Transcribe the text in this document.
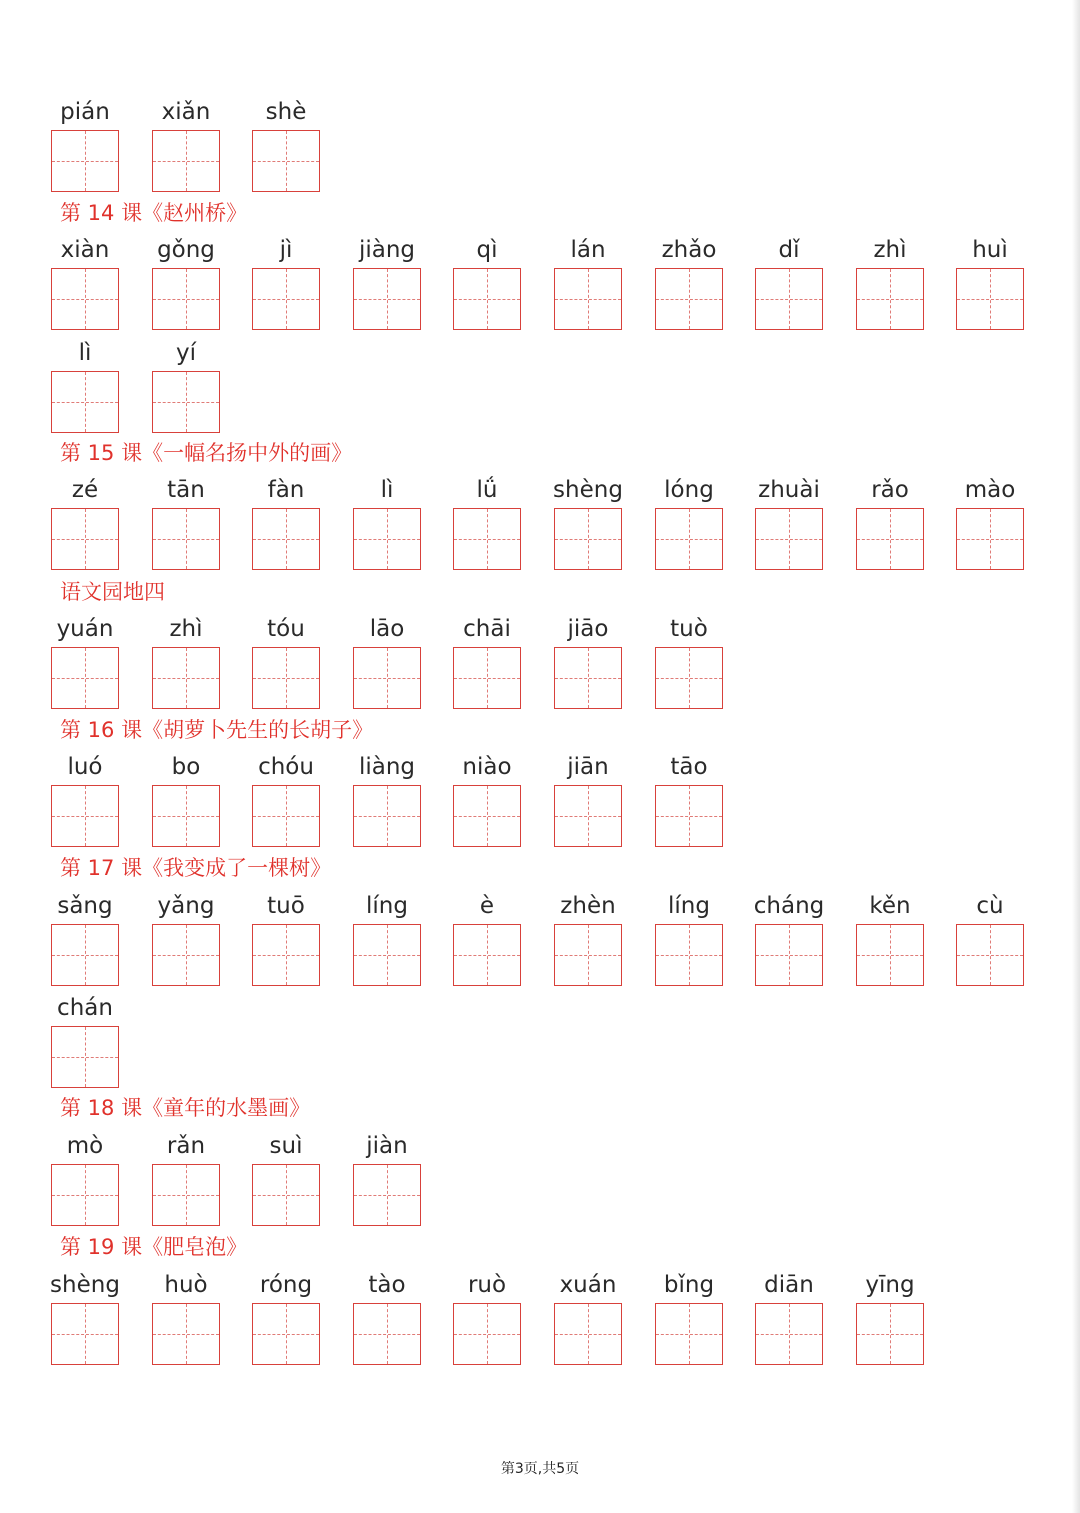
pián	xiǎn	shè
第 14 课《赵州桥》
xiàn	gǒng	jì	jiàng	qì	lán	zhǎo	dǐ	zhì	huì
lì	yí
第 15 课《一幅名扬中外的画》
zé	tān	fàn	lì	lǘ	shèng	lóng	zhuài	rǎo	mào
语文园地四
yuán	zhì	tóu	lāo	chāi	jiāo	tuò
第 16 课《胡萝卜先生的长胡子》
luó	bo	chóu	liàng	niào	jiān	tāo
第 17 课《我变成了一棵树》
sǎng	yǎng	tuō	líng	è	zhèn	líng	cháng	kěn	cù
chán
第 18 课《童年的水墨画》
mò	rǎn	suì	jiàn
第 19 课《肥皂泡》
shèng	huò	róng	tào	ruò	xuán	bǐng	diān	yīng
第3页,共5页
